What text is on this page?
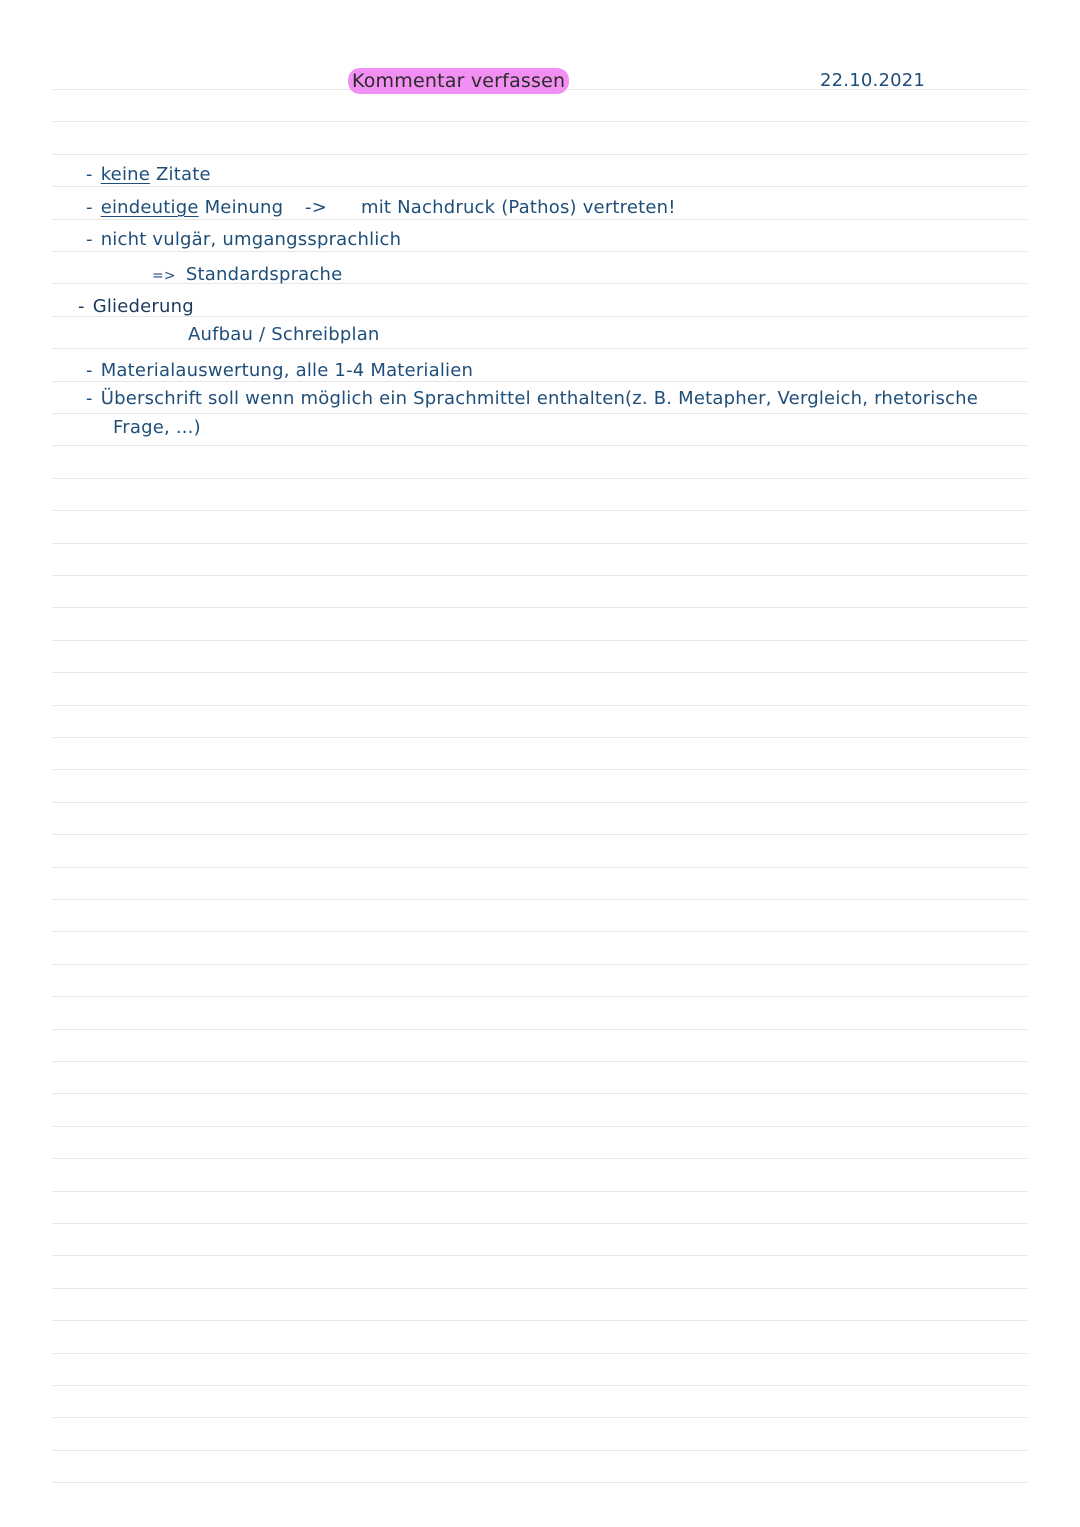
Kommentar verfassen	22.10.2021
- keine Zitate
- eindeutige Meinung -> mit Nachdruck (Pathos) vertreten!
- nicht vulgär, umgangssprachlich
=> Standardsprache
- Gliederung
Aufbau / Schreibplan
- Materialauswertung, alle 1-4 Materialien
- Überschrift soll wenn möglich ein Sprachmittel enthalten (z. B. Metapher, Vergleich, rhetorische
Frage, ...)
